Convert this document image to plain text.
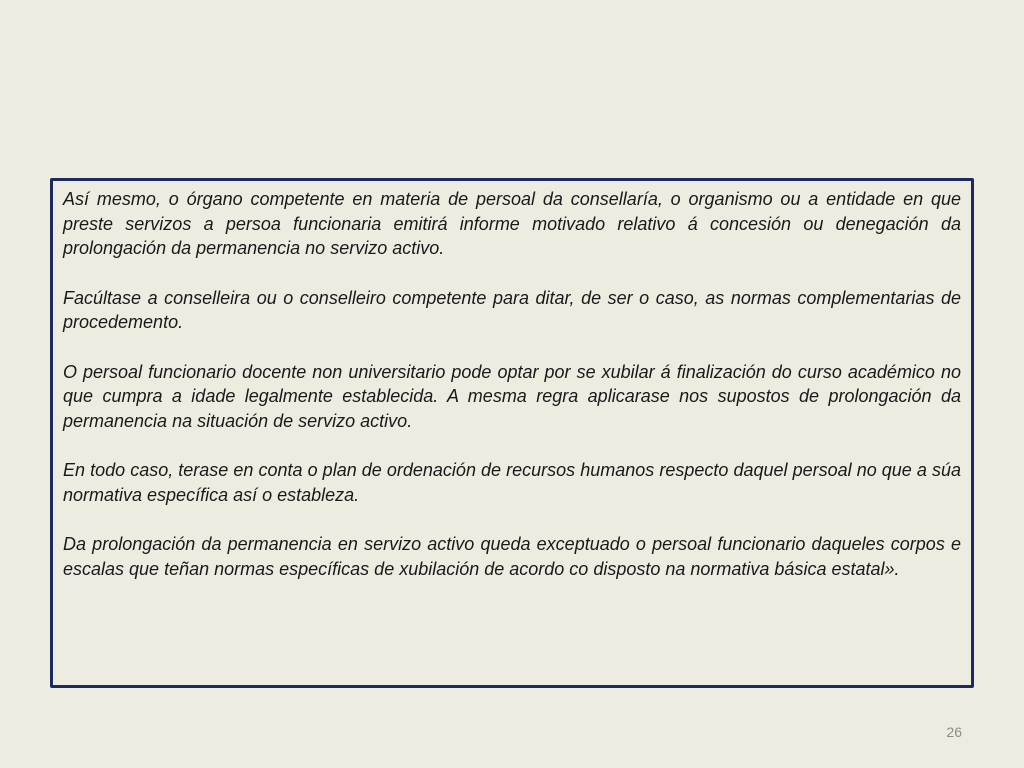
Así mesmo, o órgano competente en materia de persoal da consellaría, o organismo ou a entidade en que preste servizos a persoa funcionaria emitirá informe motivado relativo á concesión ou denegación da prolongación da permanencia no servizo activo.

Facúltase a conselleira ou o conselleiro competente para ditar, de ser o caso, as normas complementarias de procedemento.

O persoal funcionario docente non universitario pode optar por se xubilar á finalización do curso académico no que cumpra a idade legalmente establecida. A mesma regra aplicarase nos supostos de prolongación da permanencia na situación de servizo activo.

En todo caso, terase en conta o plan de ordenación de recursos humanos respecto daquel persoal no que a súa normativa específica así o estableza.

Da prolongación da permanencia en servizo activo queda exceptuado o persoal funcionario daqueles corpos e escalas que teñan normas específicas de xubilación de acordo co disposto na normativa básica estatal».

26
